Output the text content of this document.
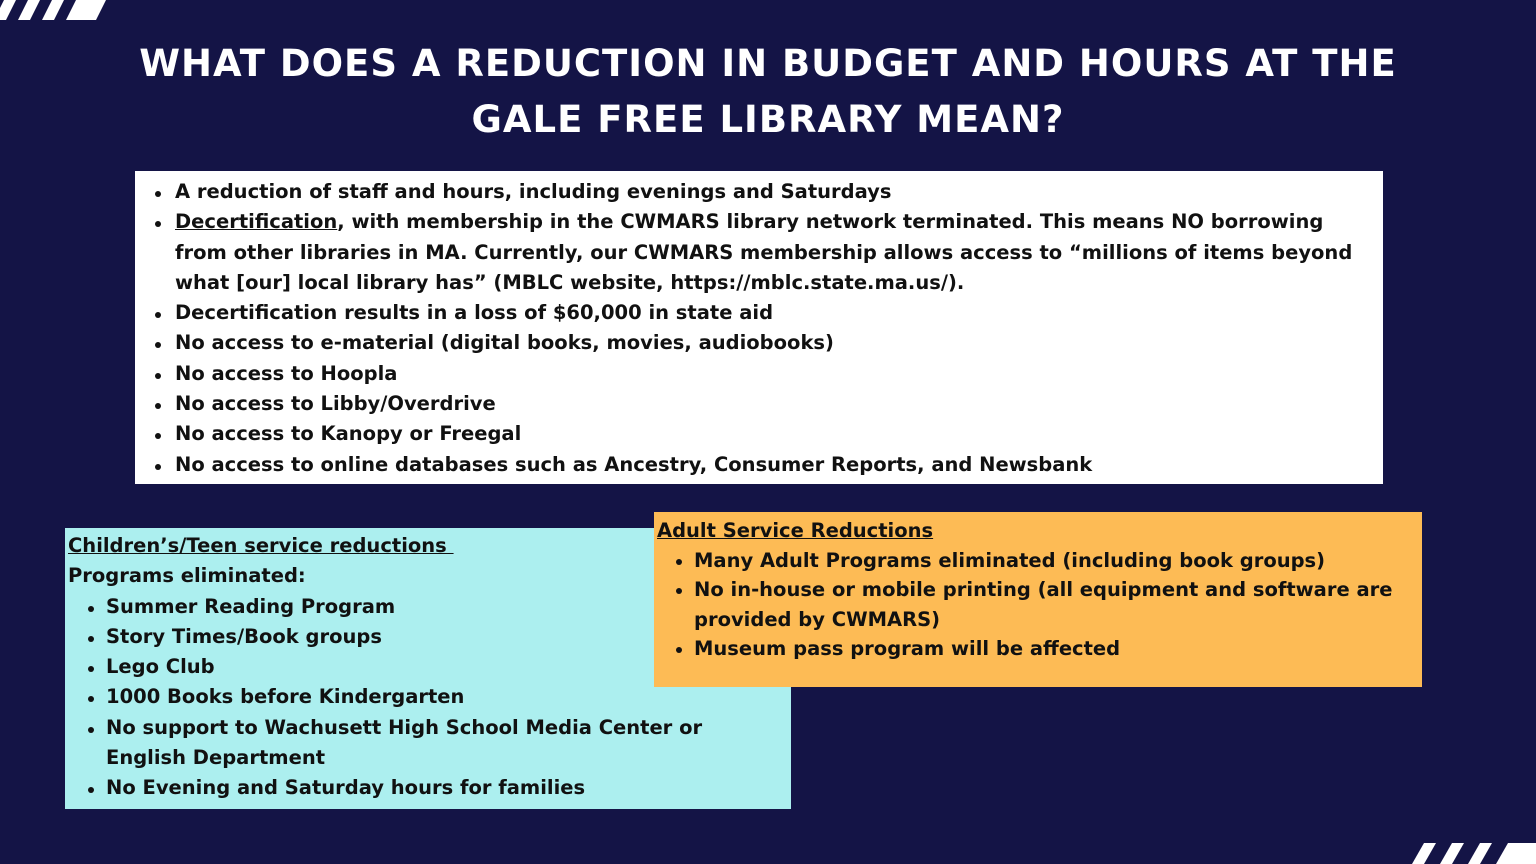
WHAT DOES A REDUCTION IN BUDGET AND HOURS AT THE
GALE FREE LIBRARY MEAN?
A reduction of staff and hours, including evenings and Saturdays
Decertification, with membership in the CWMARS library network terminated. This means NO borrowing from other libraries in MA. Currently, our CWMARS membership allows access to “millions of items beyond what [our] local library has” (MBLC website, https://mblc.state.ma.us/).
Decertification results in a loss of $60,000 in state aid
No access to e-material (digital books, movies, audiobooks)
No access to Hoopla
No access to Libby/Overdrive
No access to Kanopy or Freegal
No access to online databases such as Ancestry, Consumer Reports, and Newsbank
Children’s/Teen service reductions
Programs eliminated:
Summer Reading Program
Story Times/Book groups
Lego Club
1000 Books before Kindergarten
No support to Wachusett High School Media Center or English Department
No Evening and Saturday hours for families
Adult Service Reductions
Many Adult Programs eliminated (including book groups)
No in-house or mobile printing (all equipment and software are provided by CWMARS)
Museum pass program will be affected
